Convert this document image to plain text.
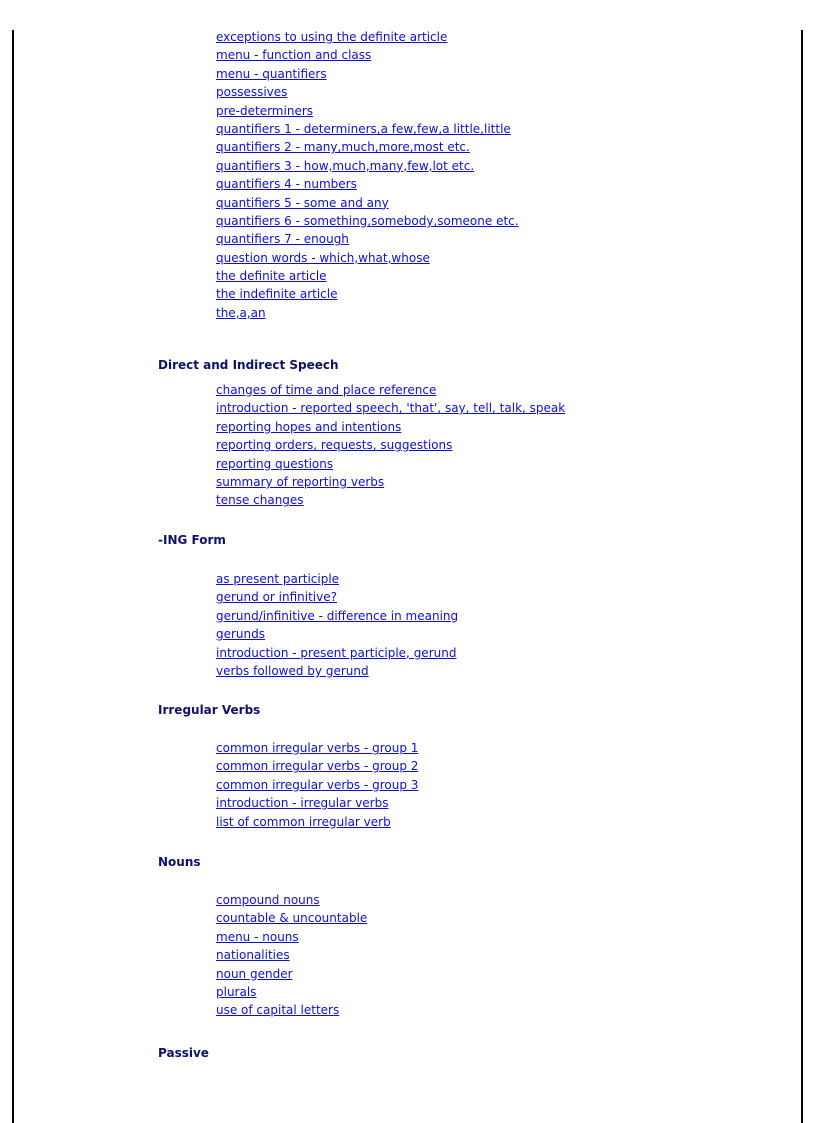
exceptions to using the definite article
menu - function and class
menu - quantifiers
possessives
pre-determiners
quantifiers 1 - determiners,a few,few,a little,little
quantifiers 2 - many,much,more,most etc.
quantifiers 3 - how,much,many,few,lot etc.
quantifiers 4 - numbers
quantifiers 5 - some and any
quantifiers 6 - something,somebody,someone etc.
quantifiers 7 - enough
question words - which,what,whose
the definite article
the indefinite article
the,a,an
Direct and Indirect Speech
changes of time and place reference
introduction - reported speech, 'that', say, tell, talk, speak
reporting hopes and intentions
reporting orders, requests, suggestions
reporting questions
summary of reporting verbs
tense changes
-ING Form
as present participle
gerund or infinitive?
gerund/infinitive - difference in meaning
gerunds
introduction - present participle, gerund
verbs followed by gerund
Irregular Verbs
common irregular verbs - group 1
common irregular verbs - group 2
common irregular verbs - group 3
introduction - irregular verbs
list of common irregular verb
Nouns
compound nouns
countable & uncountable
menu - nouns
nationalities
noun gender
plurals
use of capital letters
Passive
